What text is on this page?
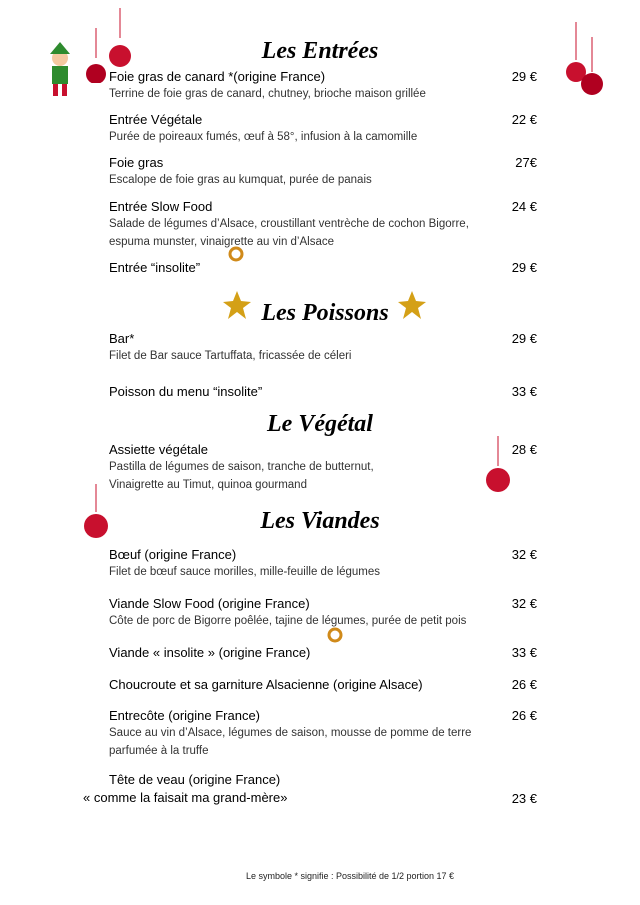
Les Entrées
Les Poissons
Le Végétal
Les Viandes
Foie gras de canard *(origine France)
Terrine de foie gras de canard, chutney, brioche maison grillée
29 €
Entrée Végétale
Purée de poireaux fumés, œuf à 58°, infusion à la camomille
22 €
Foie gras
Escalope de foie gras au kumquat, purée de panais
27€
Entrée Slow Food
Salade de légumes d’Alsace, croustillant ventrèche de cochon Bigorre,
espuma munster, vinaigrette au vin d’Alsace
24 €
Entrée “insolite”	29 €
Bar*
Filet de Bar sauce Tartuffata, fricassée de céleri
29 €
Poisson du menu “insolite”	33 €
Assiette végétale
Pastilla de légumes de saison, tranche de butternut,
Vinaigrette au Timut, quinoa gourmand
28 €
Bœuf (origine France)
Filet de bœuf sauce morilles, mille-feuille de légumes
32 €
Viande Slow Food (origine France)
Côte de porc de Bigorre poêlée, tajine de légumes, purée de petit pois
32 €
Viande « insolite » (origine France)	33 €
Choucroute et sa garniture Alsacienne (origine Alsace)	26 €
Entrecôte (origine France)
Sauce au vin d’Alsace, légumes de saison, mousse de pomme de terre
parfumée à la truffe
26 €
Tête de veau (origine France)
« comme la faisait ma grand-mère»	23 €
Le symbole * signifie : Possibilité de 1/2 portion 17 €
